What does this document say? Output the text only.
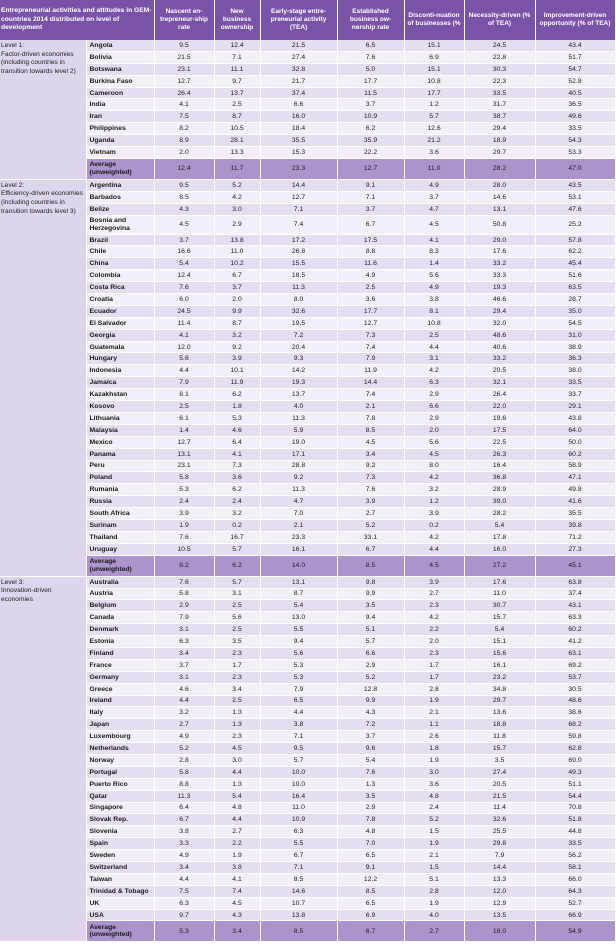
Entrepreneurial activities and attitudes in GEM-countries 2014 distributed on level of development		Nascent en-trepreneur-ship rate	New business ownership	Early-stage entre-preneurial activity (TEA)	Established business ow-nership rate	Disconti-nuation of businesses (%	Necessity-driven (% of TEA)	Improvement-driven opportunity (% of TEA)
Level 1:
Factor-driven economies (including countries in transition towards level 2)	Angola	9.5	12.4	21.5	6.5	15.1	24.5	43.4
	Bolivia	21.5	7.1	27.4	7.6	6.9	22.8	51.7
	Botswana	23.1	11.1	32.8	5.0	15.1	30.3	54.7
	Burkina Faso	12.7	9.7	21.7	17.7	10.8	22.3	52.8
	Cameroon	26.4	13.7	37.4	11.5	17.7	33.5	40.5
	India	4.1	2.5	6.6	3.7	1.2	31.7	36.5
	Iran	7.5	8.7	16.0	10.9	5.7	38.7	49.6
	Philippines	8.2	10.5	18.4	6.2	12.6	29.4	33.5
	Uganda	8.9	28.1	35.5	35.9	21.2	18.9	54.3
	Vietnam	2.0	13.3	15.3	22.2	3.6	29.7	53.3
	Average (unweighted)	12.4	11.7	23.3	12.7	11.0	28.2	47.0
Level 2:
Efficiency-driven economies (including countries in transition towards level 3)	Argentina	9.5	5.2	14.4	9.1	4.9	28.0	43.5
	Barbados	8.5	4.2	12.7	7.1	3.7	14.6	53.1
	Belize	4.3	3.0	7.1	3.7	4.7	13.1	47.6
	Bosnia and Herzegovina	4.5	2.9	7.4	6.7	4.5	50.8	25.2
	Brazil	3.7	13.8	17.2	17.5	4.1	29.0	57.8
	Chile	16.6	11.0	26.8	8.8	8.3	17.6	62.2
	China	5.4	10.2	15.5	11.6	1.4	33.2	45.4
	Colombia	12.4	6.7	18.5	4.9	5.6	33.3	51.6
	Costa Rica	7.6	3.7	11.3	2.5	4.9	19.3	63.5
	Croatia	6.0	2.0	8.0	3.6	3.8	46.6	28.7
	Ecuador	24.5	9.9	32.6	17.7	8.1	29.4	35.0
	El Salvador	11.4	8.7	19.5	12.7	10.8	32.0	54.5
	Georgia	4.1	3.2	7.2	7.3	2.5	48.6	31.0
	Guatemala	12.0	9.2	20.4	7.4	4.4	40.6	38.9
	Hungary	5.6	3.9	9.3	7.9	3.1	33.2	36.3
	Indonesia	4.4	10.1	14.2	11.9	4.2	20.5	38.0
	Jamaica	7.9	11.9	19.3	14.4	6.3	32.1	33.5
	Kazakhstan	8.1	6.2	13.7	7.4	2.9	26.4	33.7
	Kosovo	2.5	1.8	4.0	2.1	6.6	22.0	29.1
	Lithuania	6.1	5.3	11.3	7.8	2.9	19.6	43.8
	Malaysia	1.4	4.6	5.9	8.5	2.0	17.5	64.0
	Mexico	12.7	6.4	19.0	4.5	5.6	22.5	50.0
	Panama	13.1	4.1	17.1	3.4	4.5	26.3	60.2
	Peru	23.1	7.3	28.8	9.2	8.0	16.4	58.9
	Poland	5.8	3.6	9.2	7.3	4.2	36.8	47.1
	Rumania	5.3	6.2	11.3	7.6	3.2	28.9	49.8
	Russia	2.4	2.4	4.7	3.9	1.2	39.0	41.6
	South Africa	3.9	3.2	7.0	2.7	3.9	28.2	35.5
	Surinam	1.9	0.2	2.1	5.2	0.2	5.4	39.8
	Thailand	7.6	16.7	23.3	33.1	4.2	17.8	71.2
	Uruguay	10.5	5.7	16.1	6.7	4.4	16.0	27.3
	Average (unweighted)	8.2	6.2	14.0	8.5	4.5	27.2	45.1
Level 3:
Innovation-driven economies	Australia	7.6	5.7	13.1	9.8	3.9	17.6	63.8
	Austria	5.8	3.1	8.7	9.9	2.7	11.0	37.4
	Belgium	2.9	2.5	5.4	3.5	2.3	30.7	43.1
	Canada	7.9	5.6	13.0	9.4	4.2	15.7	63.3
	Denmark	3.1	2.5	5.5	5.1	2.2	5.4	60.2
	Estonia	6.3	3.5	9.4	5.7	2.0	15.1	41.2
	Finland	3.4	2.3	5.6	6.6	2.3	15.6	63.1
	France	3.7	1.7	5.3	2.9	1.7	16.1	69.2
	Germany	3.1	2.3	5.3	5.2	1.7	23.2	53.7
	Greece	4.6	3.4	7.9	12.8	2.8	34.8	30.5
	Ireland	4.4	2.5	6.5	9.9	1.9	29.7	48.6
	Italy	3.2	1.3	4.4	4.3	2.1	13.6	38.6
	Japan	2.7	1.3	3.8	7.2	1.1	18.8	68.2
	Luxembourg	4.9	2.3	7.1	3.7	2.6	11.8	59.8
	Netherlands	5.2	4.5	9.5	9.6	1.8	15.7	62.8
	Norway	2.8	3.0	5.7	5.4	1.9	3.5	69.0
	Portugal	5.8	4.4	10.0	7.6	3.0	27.4	49.3
	Puerto Rico	8.8	1.3	10.0	1.3	3.6	20.5	51.1
	Qatar	11.3	5.4	16.4	3.5	4.8	21.5	54.4
	Singapore	6.4	4.8	11.0	2.9	2.4	11.4	70.8
	Slovak Rep.	6.7	4.4	10.9	7.8	5.2	32.6	51.8
	Slovenia	3.8	2.7	6.3	4.8	1.5	25.5	44.8
	Spain	3.3	2.2	5.5	7.0	1.9	29.8	33.5
	Sweden	4.9	1.9	6.7	6.5	2.1	7.9	56.2
	Switzerland	3.4	3.8	7.1	9.1	1.5	14.4	58.1
	Taiwan	4.4	4.1	8.5	12.2	5.1	13.3	66.0
	Trinidad & Tobago	7.5	7.4	14.6	8.5	2.8	12.0	64.3
	UK	6.3	4.5	10.7	6.5	1.9	12.9	52.7
	USA	9.7	4.3	13.8	6.9	4.0	13.5	66.9
	Average (unweighted)	5.3	3.4	8.5	6.7	2.7	18.0	54.9
